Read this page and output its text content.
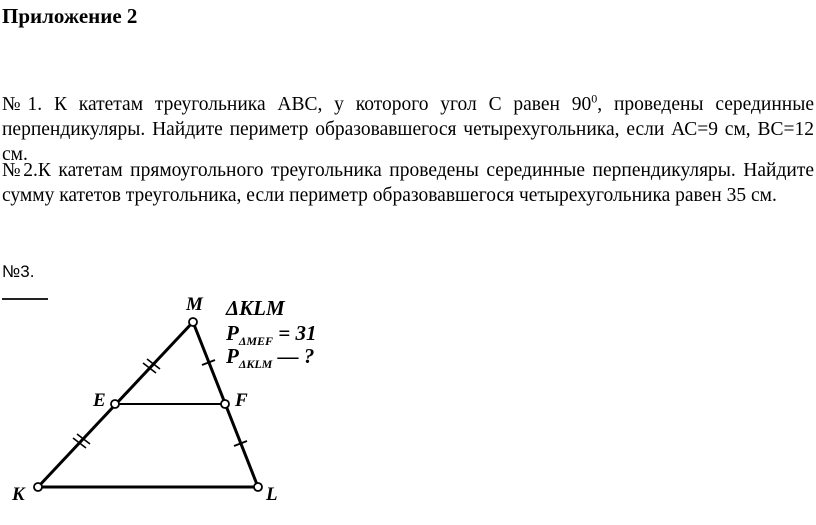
Приложение 2
№1. К катетам треугольника ABC, у которого угол C равен $90^0$, проведены серединные перпендикуляры. Найдите периметр образовавшегося четырехугольника, если АС=9 см, ВС=12 см.
№2.К катетам прямоугольного треугольника проведены серединные перпендикуляры. Найдите сумму катетов треугольника, если периметр образовавшегося четырехугольника равен 35 см.
№3.
M
E	F
K	L
ΔKLM
$P_{\Delta MEF} = 31$
$P_{\Delta KLM}$ — ?
